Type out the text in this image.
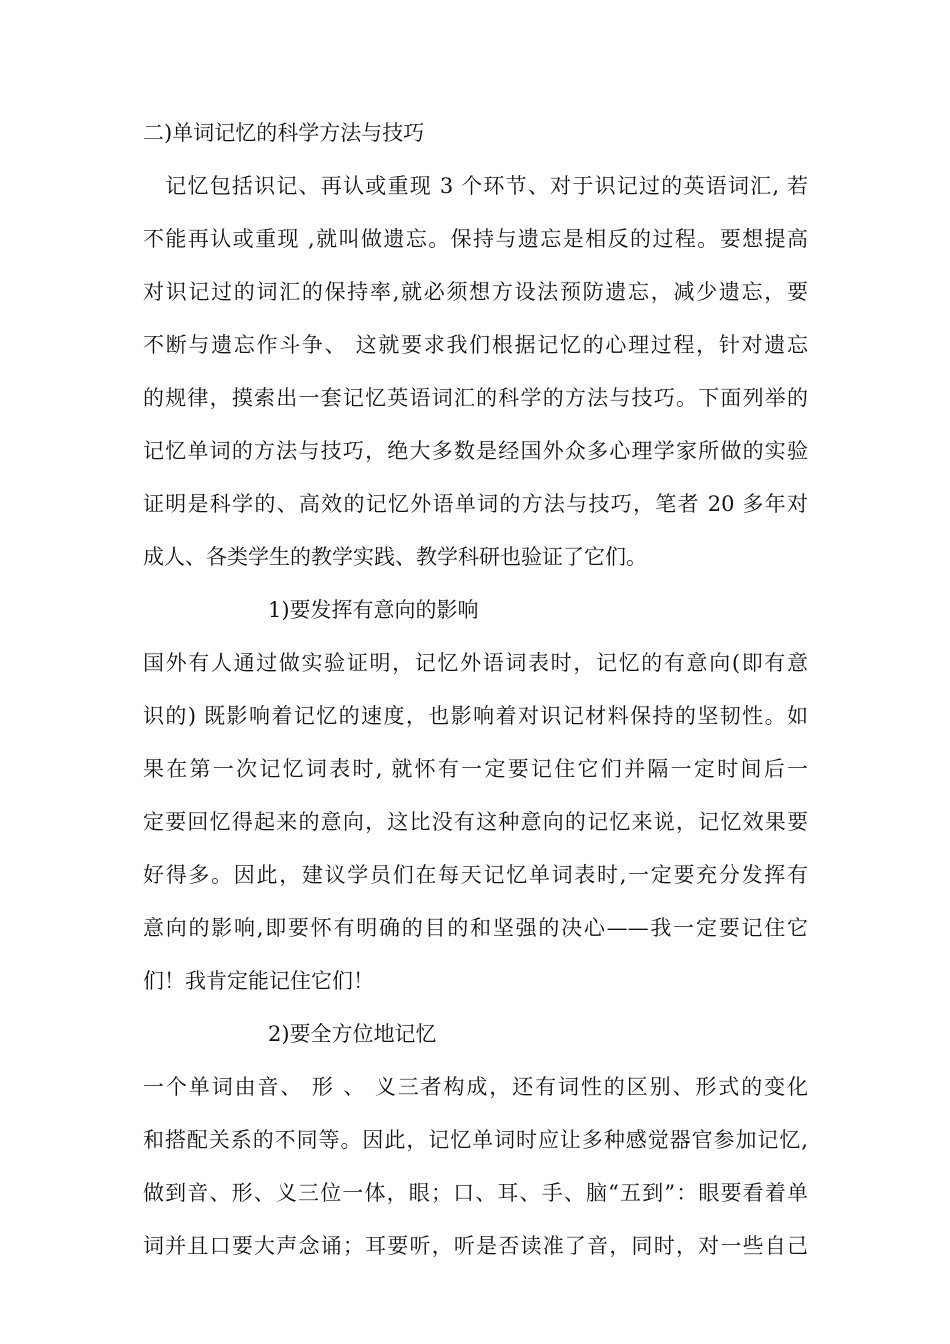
二)单词记忆的科学方法与技巧
　记忆包括识记、再认或重现 3 个环节、对于识记过的英语词汇, 若
不能再认或重现 ,就叫做遗忘。保持与遗忘是相反的过程。要想提高
对识记过的词汇的保持率,就必须想方设法预防遗忘，减少遗忘，要
不断与遗忘作斗争、 这就要求我们根据记忆的心理过程，针对遗忘
的规律，摸索出一套记忆英语词汇的科学的方法与技巧。下面列举的
记忆单词的方法与技巧，绝大多数是经国外众多心理学家所做的实验
证明是科学的、高效的记忆外语单词的方法与技巧，笔者 20 多年对
成人、各类学生的教学实践、教学科研也验证了它们。
1)要发挥有意向的影响
国外有人通过做实验证明，记忆外语词表时，记忆的有意向(即有意
识的) 既影响着记忆的速度，也影响着对识记材料保持的坚韧性。如
果在第一次记忆词表时, 就怀有一定要记住它们并隔一定时间后一
定要回忆得起来的意向，这比没有这种意向的记忆来说，记忆效果要
好得多。因此，建议学员们在每天记忆单词表时,一定要充分发挥有
意向的影响,即要怀有明确的目的和坚强的决心——我一定要记住它
们！我肯定能记住它们！
2)要全方位地记忆
一个单词由音、 形 、 义三者构成，还有词性的区别、形式的变化
和搭配关系的不同等。因此，记忆单词时应让多种感觉器官参加记忆,
做到音、形、义三位一体，眼；口、耳、手、脑“五到”：眼要看着单
词并且口要大声念诵；耳要听，听是否读准了音，同时，对一些自己
